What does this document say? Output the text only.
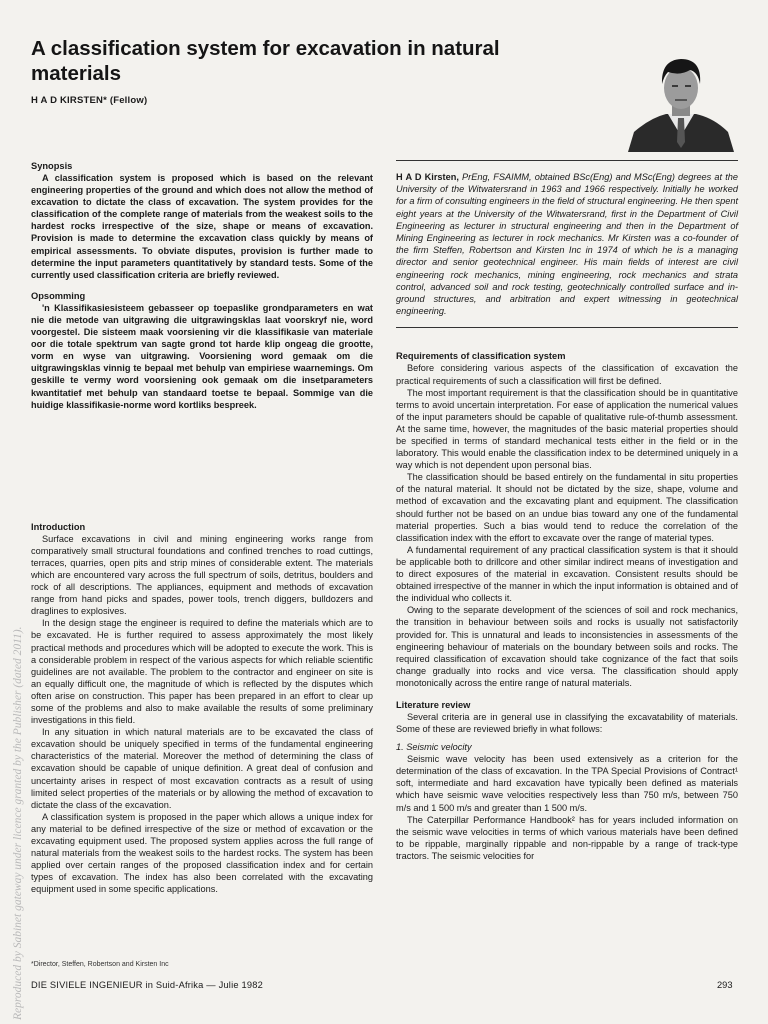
Reproduced by Sabinet gateway under licence granted by the Publisher (dated 2011).
A classification system for excavation in natural materials
H A D KIRSTEN* (Fellow)
Synopsis

A classification system is proposed which is based on the relevant engineering properties of the ground and which does not allow the method of excavation to dictate the class of excavation. The system provides for the classification of the complete range of materials from the weakest soils to the hardest rocks irrespective of the size, shape or means of excavation. Provision is made to determine the excavation class quickly by means of empirical assessments. To obviate disputes, provision is further made to determine the input parameters quantitatively by standard tests. Some of the currently used classification criteria are briefly reviewed.

Opsomming

'n Klassifikasiesisteem gebasseer op toepaslike grondparameters en wat nie die metode van uitgrawing die uitgrawingsklas laat voorskryf nie, word voorgestel. Die sisteem maak voorsiening vir die klassifikasie van materiale oor die totale spektrum van sagte grond tot harde klip ongeag die grootte, vorm en wyse van uitgrawing. Voorsiening word gemaak om die uitgrawingsklas vinnig te bepaal met behulp van empiriese waarnemings. Om geskille te vermy word voorsiening ook gemaak om die insetparameters kwantitatief met behulp van standaard toetse te bepaal. Sommige van die huidige klassifikasie-norme word kortliks bespreek.

Introduction

Surface excavations in civil and mining engineering works range from comparatively small structural foundations and confined trenches to road cuttings, terraces, quarries, open pits and strip mines of considerable extent. The materials which are encountered vary across the full spectrum of soils, detritus, boulders and rock of all descriptions. The appliances, equipment and methods of excavation range from hand picks and spades, power tools, trench diggers, bulldozers and draglines to explosives.

In the design stage the engineer is required to define the materials which are to be excavated. He is further required to assess approximately the most likely practical methods and procedures which will be adopted to execute the work. This is a considerable problem in respect of the various aspects for which reliable scientific guidelines are not available. The problem to the contractor and engineer on site is an equally difficult one, the magnitude of which is reflected by the disputes which often arise on construction. This paper has been prepared in an effort to clear up some of the problems and also to make available the results of some preliminary investigations in this field.

In any situation in which natural materials are to be excavated the class of excavation should be uniquely specified in terms of the fundamental engineering characteristics of the material. Moreover the method of determining the class of excavation should be capable of unique definition. A great deal of confusion and uncertainty arises in respect of most excavation contracts as a result of using limited select properties of the materials or by allowing the method of excavation to dictate the class of the excavation.

A classification system is proposed in the paper which allows a unique index for any material to be defined irrespective of the size or method of excavation or the excavating equipment used. The proposed system applies across the full range of natural materials from the weakest soils to the hardest rocks. The system has been applied over certain ranges of the proposed classification index and for certain types of excavation. The index has also been correlated with the excavating equipment used in some specific applications.

H A D Kirsten, PrEng, FSAIMM, obtained BSc(Eng) and MSc(Eng) degrees at the University of the Witwatersrand in 1963 and 1966 respectively. Initially he worked for a firm of consulting engineers in the field of structural engineering. He then spent eight years at the University of the Witwatersrand, first in the Department of Civil Engineering as lecturer in structural engineering and then in the Department of Mining Engineering as lecturer in rock mechanics. Mr Kirsten was a co-founder of the firm Steffen, Robertson and Kirsten Inc in 1974 of which he is a managing director and senior geotechnical engineer. His main fields of interest are civil engineering rock mechanics, mining engineering, rock mechanics and strata control, advanced soil and rock testing, geotechnically controlled surface and in-ground structures, and arbitration and expert witnessing in geotechnical engineering.

Requirements of classification system

Before considering various aspects of the classification of excavation the practical requirements of such a classification will first be defined.

The most important requirement is that the classification should be in quantitative terms to avoid uncertain interpretation. For ease of application the numerical values of the input parameters should be capable of qualitative rule-of-thumb assessment. At the same time, however, the magnitudes of the basic material properties should be specified in terms of standard mechanical tests either in the field or in the laboratory. This would enable the classification index to be determined uniquely in a way which is not dependent upon personal bias.

The classification should be based entirely on the fundamental in situ properties of the natural material. It should not be dictated by the size, shape, volume and method of excavation and the excavating plant and equipment. The classification should further not be based on an undue bias toward any one of the fundamental material properties. Such a bias would tend to reduce the correlation of the classification index with the effort to excavate over the range of material types.

A fundamental requirement of any practical classification system is that it should be applicable both to drillcore and other similar indirect means of investigation and to direct exposures of the material in excavation. Consistent results should be obtained irrespective of the manner in which the input information is obtained and of the individual who collects it.

Owing to the separate development of the sciences of soil and rock mechanics, the transition in behaviour between soils and rocks is usually not satisfactorily provided for. This is unnatural and leads to inconsistencies in assessments of the engineering behaviour of materials on the boundary between soils and rocks. The required classification of excavation should take cognizance of the fact that soils change gradually into rocks and vice versa. The classification should apply monotonically across the entire range of natural materials.

Literature review

Several criteria are in general use in classifying the excavatability of materials. Some of these are reviewed briefly in what follows:

1. Seismic velocity

Seismic wave velocity has been used extensively as a criterion for the determination of the class of excavation. In the TPA Special Provisions of Contract¹ soft, intermediate and hard excavation have typically been defined as materials which have seismic wave velocities respectively less than 750 m/s, between 750 m/s and 1 500 m/s and greater than 1 500 m/s.

The Caterpillar Performance Handbook² has for years included information on the seismic wave velocities in terms of which various materials have been defined to be rippable, marginally rippable and non-rippable by a range of track-type tractors. The seismic velocities for

*Director, Steffen, Robertson and Kirsten Inc
DIE SIVIELE INGENIEUR in Suid-Afrika — Julie 1982	293
